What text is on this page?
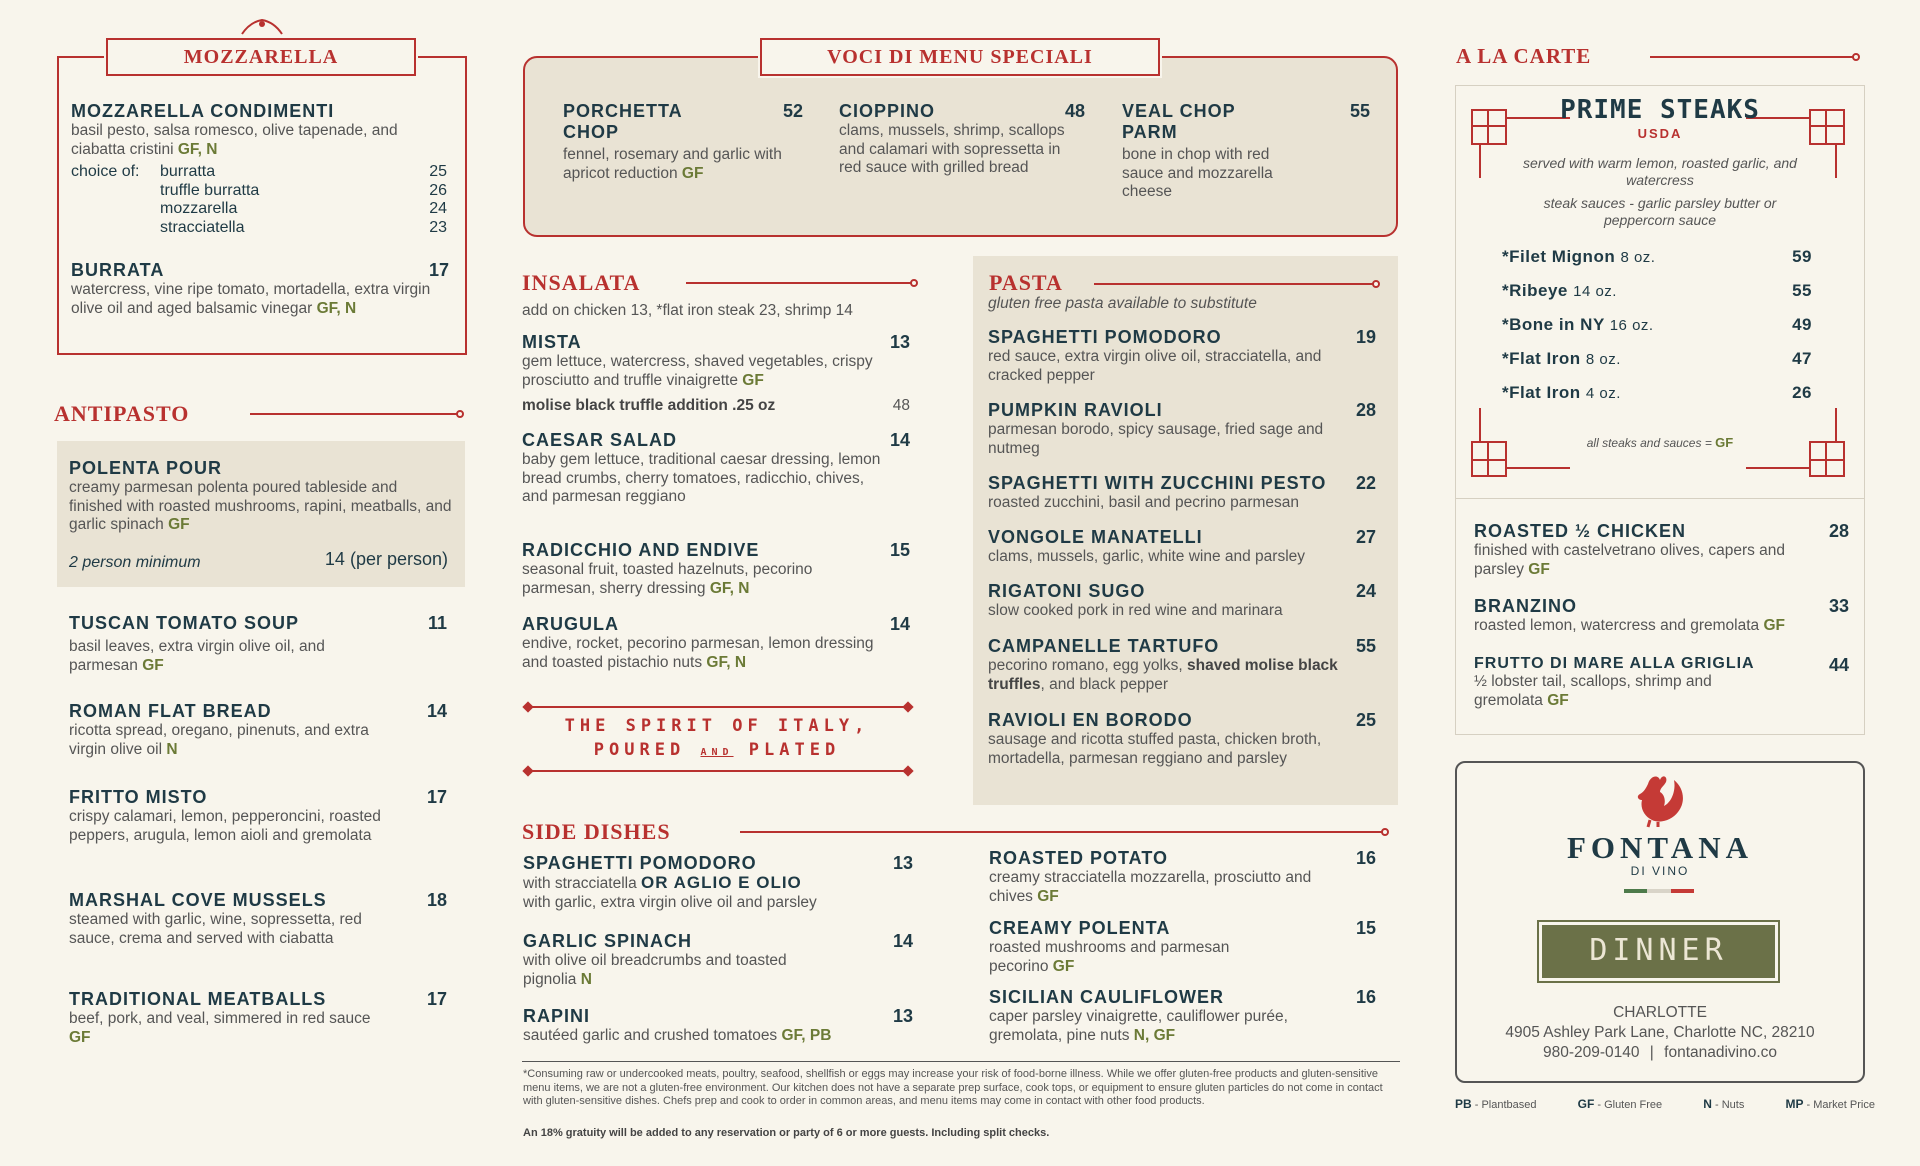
MOZZARELLA
MOZZARELLA CONDIMENTI
basil pesto, salsa romesco, olive tapenade, and ciabatta cristini GF, N
choice of: burratta	25
truffle burratta	26
mozzarella	24
stracciatella	23
BURRATA	17
watercress, vine ripe tomato, mortadella, extra virgin olive oil and aged balsamic vinegar GF, N
ANTIPASTO
POLENTA POUR
creamy parmesan polenta poured tableside and finished with roasted mushrooms, rapini, meatballs, and garlic spinach GF
2 person minimum	14 (per person)
TUSCAN TOMATO SOUP	11
basil leaves, extra virgin olive oil, and parmesan GF
ROMAN FLAT BREAD	14
ricotta spread, oregano, pinenuts, and extra virgin olive oil N
FRITTO MISTO	17
crispy calamari, lemon, pepperoncini, roasted peppers, arugula, lemon aioli and gremolata
MARSHAL COVE MUSSELS	18
steamed with garlic, wine, sopressetta, red sauce, crema and served with ciabatta
TRADITIONAL MEATBALLS	17
beef, pork, and veal, simmered in red sauce GF
VOCI DI MENU SPECIALI
PORCHETTA CHOP
52
fennel, rosemary and garlic with apricot reduction GF
CIOPPINO	48
clams, mussels, shrimp, scallops and calamari with sopressetta in red sauce with grilled bread
VEAL CHOP PARM
55
bone in chop with red sauce and mozzarella cheese
INSALATA
add on chicken 13, *flat iron steak 23, shrimp 14
MISTA	13
gem lettuce, watercress, shaved vegetables, crispy prosciutto and truffle vinaigrette GF
molise black truffle addition .25 oz	48
CAESAR SALAD	14
baby gem lettuce, traditional caesar dressing, lemon bread crumbs, cherry tomatoes, radicchio, chives, and parmesan reggiano
RADICCHIO AND ENDIVE	15
seasonal fruit, toasted hazelnuts, pecorino parmesan, sherry dressing GF, N
ARUGULA	14
endive, rocket, pecorino parmesan, lemon dressing and toasted pistachio nuts GF, N
THE SPIRIT OF ITALY,
POURED AND PLATED
PASTA
gluten free pasta available to substitute
SPAGHETTI POMODORO	19
red sauce, extra virgin olive oil, stracciatella, and cracked pepper
PUMPKIN RAVIOLI	28
parmesan borodo, spicy sausage, fried sage and nutmeg
SPAGHETTI WITH ZUCCHINI PESTO	22
roasted zucchini, basil and pecrino parmesan
VONGOLE MANATELLI	27
clams, mussels, garlic, white wine and parsley
RIGATONI SUGO	24
slow cooked pork in red wine and marinara
CAMPANELLE TARTUFO	55
pecorino romano, egg yolks, shaved molise black truffles, and black pepper
RAVIOLI EN BORODO	25
sausage and ricotta stuffed pasta, chicken broth, mortadella, parmesan reggiano and parsley
SIDE DISHES
SPAGHETTI POMODORO	13
with stracciatella OR AGLIO E OLIO
with garlic, extra virgin olive oil and parsley
GARLIC SPINACH	14
with olive oil breadcrumbs and toasted pignolia N
RAPINI	13
sautéed garlic and crushed tomatoes GF, PB
ROASTED POTATO	16
creamy stracciatella mozzarella, prosciutto and chives GF
CREAMY POLENTA	15
roasted mushrooms and parmesan pecorino GF
SICILIAN CAULIFLOWER	16
caper parsley vinaigrette, cauliflower purée, gremolata, pine nuts N, GF
*Consuming raw or undercooked meats, poultry, seafood, shellfish or eggs may increase your risk of food-borne illness. While we offer gluten-free products and gluten-sensitive menu items, we are not a gluten-free environment. Our kitchen does not have a separate prep surface, cook tops, or equipment to ensure gluten particles do not come in contact with gluten-sensitive dishes. Chefs prep and cook to order in common areas, and menu items may come in contact with other food products.
An 18% gratuity will be added to any reservation or party of 6 or more guests. Including split checks.
A LA CARTE
PRIME STEAKS
USDA
served with warm lemon, roasted garlic, and watercress
steak sauces - garlic parsley butter or peppercorn sauce
*Filet Mignon 8 oz.	59
*Ribeye 14 oz.	55
*Bone in NY 16 oz.	49
*Flat Iron 8 oz.	47
*Flat Iron 4 oz.	26
all steaks and sauces = GF
ROASTED ½ CHICKEN	28
finished with castelvetrano olives, capers and parsley GF
BRANZINO	33
roasted lemon, watercress and gremolata GF
FRUTTO DI MARE ALLA GRIGLIA	44
½ lobster tail, scallops, shrimp and gremolata GF
FONTANA
DI VINO
DINNER
CHARLOTTE
4905 Ashley Park Lane, Charlotte NC, 28210
980-209-0140 | fontanadivino.co
PB - Plantbased	GF - Gluten Free	N - Nuts	MP - Market Price
